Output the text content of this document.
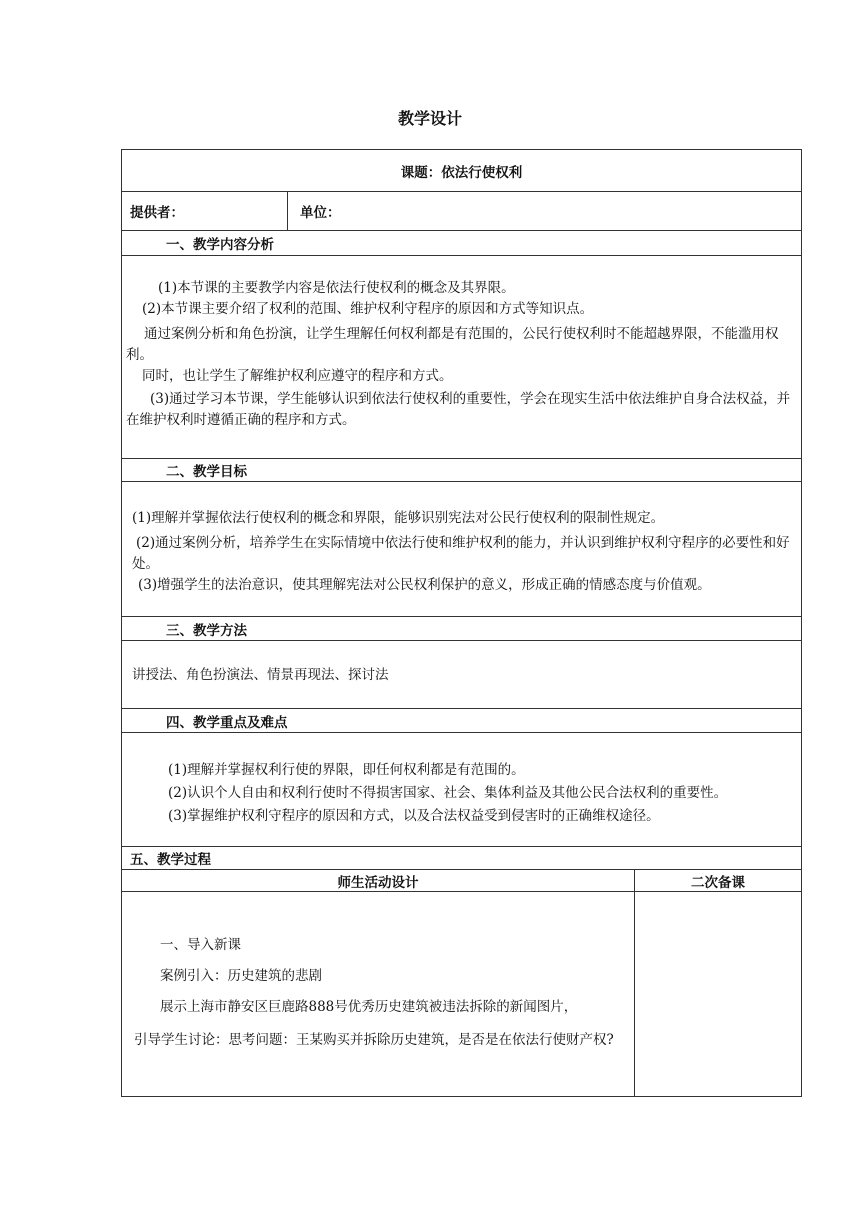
教学设计
课题：依法行使权利		
提供者：	单位：	
一、教学内容分析		

(1)本节课的主要教学内容是依法行使权利的概念及其界限。

(2)本节课主要介绍了权利的范围、维护权利守程序的原因和方式等知识点。

通过案例分析和角色扮演，让学生理解任何权利都是有范围的，公民行使权利时不能超越界限，不能滥用权利。

同时，也让学生了解维护权利应遵守的程序和方式。

(3)通过学习本节课，学生能够认识到依法行使权利的重要性，学会在现实生活中依法维护自身合法权益，并在维护权利时遵循正确的程序和方式。		

二、教学目标		

(1)理解并掌握依法行使权利的概念和界限，能够识别宪法对公民行使权利的限制性规定。

(2)通过案例分析，培养学生在实际情境中依法行使和维护权利的能力，并认识到维护权利守程序的必要性和好处。

(3)增强学生的法治意识，使其理解宪法对公民权利保护的意义，形成正确的情感态度与价值观。		

三、教学方法		

讲授法、角色扮演法、情景再现法、探讨法		

四、教学重点及难点		

(1)理解并掌握权利行使的界限，即任何权利都是有范围的。

(2)认识个人自由和权利行使时不得损害国家、社会、集体利益及其他公民合法权利的重要性。

(3)掌握维护权利守程序的原因和方式，以及合法权益受到侵害时的正确维权途径。		

五、教学过程		
师生活动设计		二次备课

一、导入新课

案例引入：历史建筑的悲剧

展示上海市静安区巨鹿路888号优秀历史建筑被违法拆除的新闻图片，

引导学生讨论：思考问题：王某购买并拆除历史建筑，是否是在依法行使财产权?		
